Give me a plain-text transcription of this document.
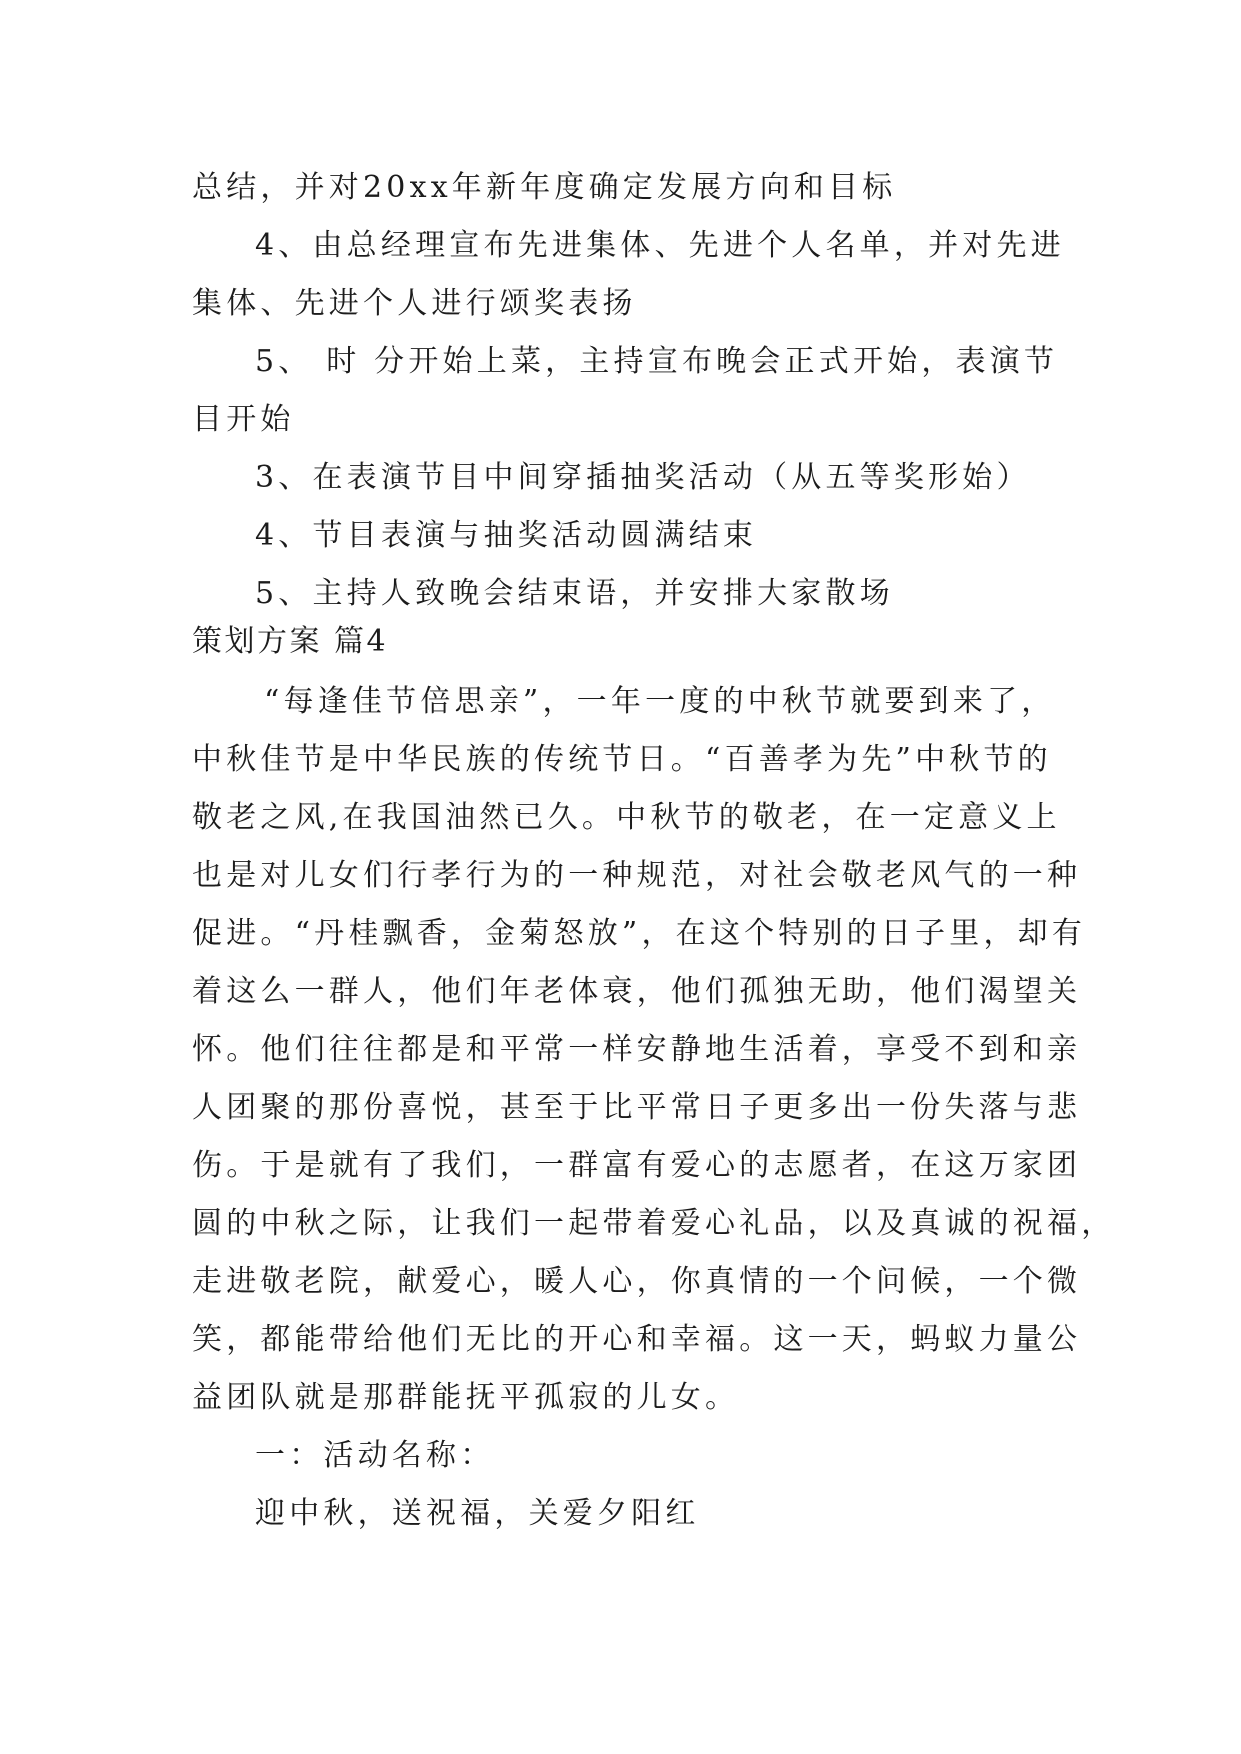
总结，并对20xx年新年度确定发展方向和目标
4、由总经理宣布先进集体、先进个人名单，并对先进
集体、先进个人进行颂奖表扬
5、 时 分开始上菜，主持宣布晚会正式开始，表演节
目开始
3、在表演节目中间穿插抽奖活动（从五等奖形始）
4、节目表演与抽奖活动圆满结束
5、主持人致晚会结束语，并安排大家散场
策划方案 篇4
“每逢佳节倍思亲”，一年一度的中秋节就要到来了，
中秋佳节是中华民族的传统节日。“百善孝为先”中秋节的
敬老之风,在我国油然已久。中秋节的敬老，在一定意义上
也是对儿女们行孝行为的一种规范，对社会敬老风气的一种
促进。“丹桂飘香，金菊怒放”，在这个特别的日子里，却有
着这么一群人，他们年老体衰，他们孤独无助，他们渴望关
怀。他们往往都是和平常一样安静地生活着，享受不到和亲
人团聚的那份喜悦，甚至于比平常日子更多出一份失落与悲
伤。于是就有了我们，一群富有爱心的志愿者，在这万家团
圆的中秋之际，让我们一起带着爱心礼品，以及真诚的祝福，
走进敬老院，献爱心，暖人心，你真情的一个问候，一个微
笑，都能带给他们无比的开心和幸福。这一天，蚂蚁力量公
益团队就是那群能抚平孤寂的儿女。
一：活动名称：
迎中秋，送祝福，关爱夕阳红
